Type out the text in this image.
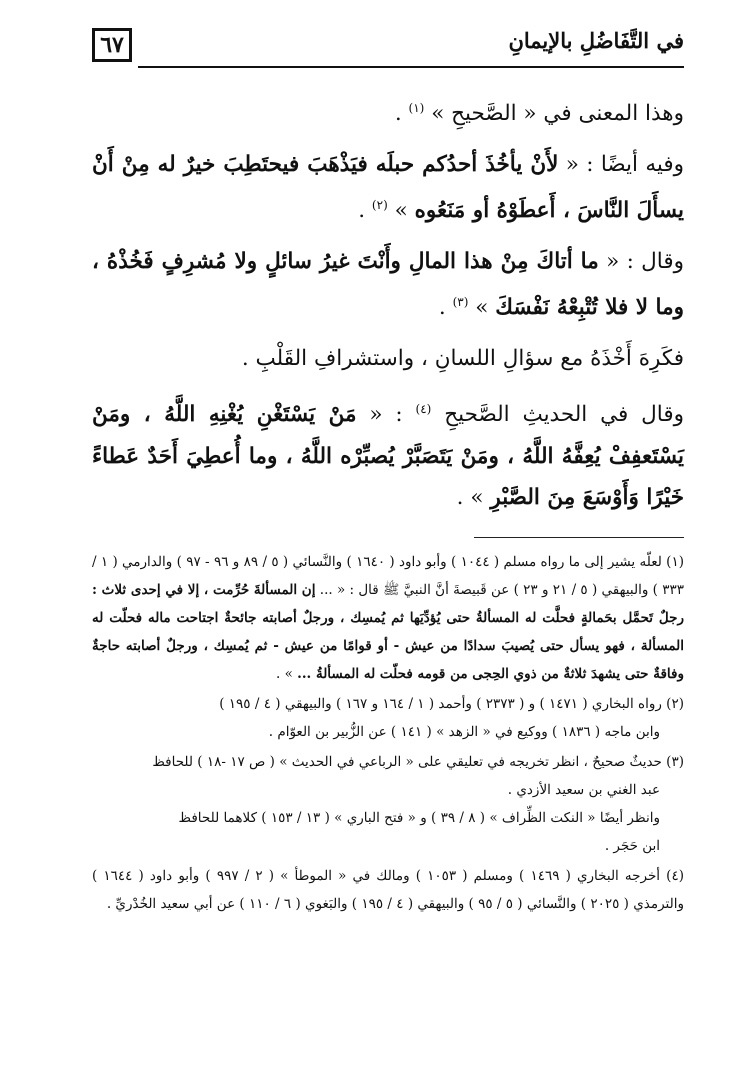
٦٧	في التَّفَاضُلِ بالإيمانِ

وهذا المعنى في « الصَّحيحِ » $^{(١)}$ .

وفيه أيضًا : « لأَنْ يأخُذَ أحدُكم حبلَه فيَذْهَبَ فيحتَطِبَ خيرٌ له مِنْ أَنْ يسأَلَ النَّاسَ ، أَعطَوْهُ أو مَنَعُوه » $^{(٢)}$ .

وقال : « ما أتاكَ مِنْ هذا المالِ وأَنْتَ غيرُ سائلٍ ولا مُشرِفٍ فَخُذْهُ ، وما لا فلا تُتْبِعْهُ نَفْسَكَ » $^{(٣)}$ .

فكَرِهَ أَخْذَهُ مع سؤالِ اللسانِ ، واستشرافِ القَلْبِ .

وقال في الحديثِ الصَّحيحِ $^{(٤)}$ : « مَنْ يَسْتَغْنِ يُغْنِهِ اللَّهُ ، ومَنْ يَسْتَعفِفْ يُعِفَّهُ اللَّهُ ، ومَنْ يَتَصَبَّرْ يُصبِّرْه اللَّهُ ، وما أُعطِيَ أَحَدٌ عَطاءً خَيْرًا وَأَوْسَعَ مِنَ الصَّبْرِ » .

(١) لعلّه يشير إلى ما رواه مسلم ( ١٠٤٤ ) وأبو داود ( ١٦٤٠ ) والنَّسائي ( ٥ / ٨٩ و ٩٦ - ٩٧ ) والدارمي ( ١ / ٣٣٣ ) والبيهقي ( ٥ / ٢١ و ٢٣ ) عن قَبيصةَ أنَّ النبيَّ ﷺ قال : « ... إن المسألةَ حُرِّمت ، إلا في إحدى ثلاث : رجلٌ تَحمَّل بحَمالةٍ فحلَّت له المسألةُ حتى يُؤدِّيَها ثم يُمسِك ، ورجلٌ أصابته جائحةٌ اجتاحت ماله فحلّت له المسألة ، فهو يسأل حتى يُصيبَ سدادًا من عيش - أو قوامًا من عيش - ثم يُمسِك ، ورجلٌ أصابته حاجةٌ وفاقةٌ حتى يشهدَ ثلاثةٌ من ذوي الحِجى من قومه فحلّت له المسألةُ ... » .

(٢) رواه البخاري ( ١٤٧١ ) و ( ٢٣٧٣ ) وأحمد ( ١ / ١٦٤ و ١٦٧ ) والبيهقي ( ٤ / ١٩٥ )
وابن ماجه ( ١٨٣٦ ) ووكيع في « الزهد » ( ١٤١ ) عن الزُّبير بن العوّام .

(٣) حديثٌ صحيحٌ ، انظر تخريجه في تعليقي على « الرباعي في الحديث » ( ص ١٧ -١٨ ) للحافظ
عبد الغني بن سعيد الأزدي .
وانظر أيضًا « النكت الظِّراف » ( ٨ / ٣٩ ) و « فتح الباري » ( ١٣ / ١٥٣ ) كلاهما للحافظ
ابن حَجَر .

(٤) أخرجه البخاري ( ١٤٦٩ ) ومسلم ( ١٠٥٣ ) ومالك في « الموطأ » ( ٢ / ٩٩٧ ) وأبو داود ( ١٦٤٤ ) والترمذي ( ٢٠٢٥ ) والنَّسائي ( ٥ / ٩٥ ) والبيهقي ( ٤ / ١٩٥ ) والبَغوي ( ٦ / ١١٠ ) عن أبي سعيد الخُدْريِّ .
